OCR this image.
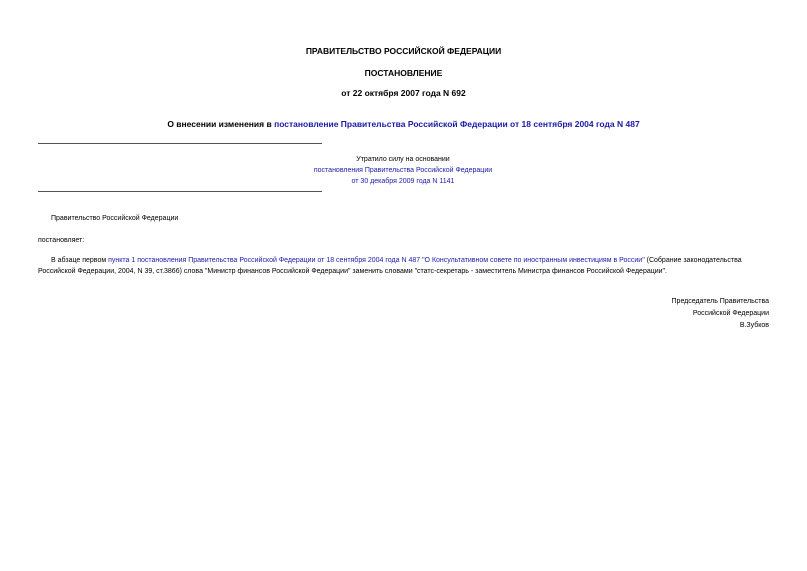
ПРАВИТЕЛЬСТВО РОССИЙСКОЙ ФЕДЕРАЦИИ
ПОСТАНОВЛЕНИЕ
от 22 октября 2007 года N 692
О внесении изменения в постановление Правительства Российской Федерации от 18 сентября 2004 года N 487
Утратило силу на основании
постановления Правительства Российской Федерации
от 30 декабря 2009 года N 1141
Правительство Российской Федерации
постановляет:
В абзаце первом пункта 1 постановления Правительства Российской Федерации от 18 сентября 2004 года N 487 "О Консультативном совете по иностранным инвестициям в России" (Собрание законодательства Российской Федерации, 2004, N 39, ст.3866) слова "Министр финансов Российской Федерации" заменить словами "статс-секретарь - заместитель Министра финансов Российской Федерации".
Председатель Правительства
Российской Федерации
В.Зубков
